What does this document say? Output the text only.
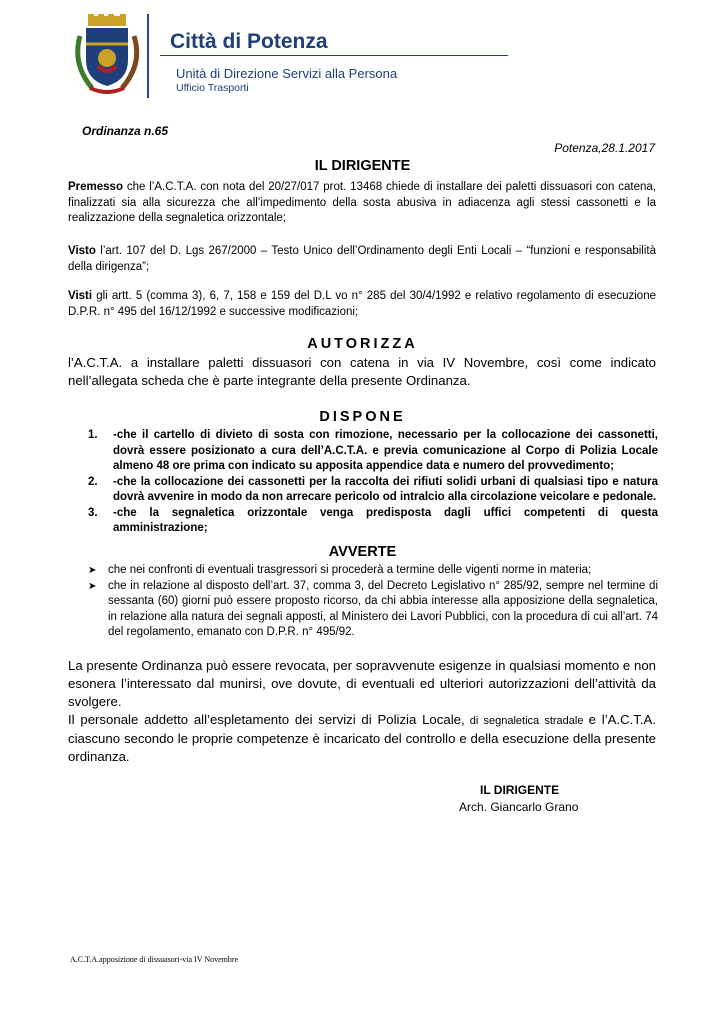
Città di Potenza
Unità di Direzione Servizi alla Persona
Ufficio Trasporti
Ordinanza n.65
Potenza,28.1.2017
IL DIRIGENTE
Premesso che l’A.C.T.A. con nota del 20/27/017 prot. 13468 chiede di installare dei paletti dissuasori con catena, finalizzati sia alla sicurezza che all’impedimento della sosta abusiva in adiacenza agli stessi cassonetti e la realizzazione della segnaletica orizzontale;
Visto l’art. 107 del D. Lgs 267/2000 – Testo Unico dell’Ordinamento degli Enti Locali – “funzioni e responsabilità della dirigenza”;
Visti gli artt. 5 (comma 3), 6, 7, 158 e 159 del D.L vo n° 285 del 30/4/1992 e relativo regolamento di esecuzione D.P.R. n° 495 del 16/12/1992 e successive modificazioni;
AUTORIZZA
l’A.C.T.A. a installare paletti dissuasori con catena in via IV Novembre, così come indicato nell’allegata scheda che è parte integrante della presente Ordinanza.
DISPONE
1. -che il cartello di divieto di sosta con rimozione, necessario per la collocazione dei cassonetti, dovrà essere posizionato a cura dell’A.C.T.A. e previa comunicazione al Corpo di Polizia Locale almeno 48 ore prima con indicato su apposita appendice data e numero del provvedimento;
2. -che la collocazione dei cassonetti per la raccolta dei rifiuti solidi urbani di qualsiasi tipo e natura dovrà avvenire in modo da non arrecare pericolo od intralcio alla circolazione veicolare e pedonale.
3. -che la segnaletica orizzontale venga predisposta dagli uffici competenti di questa amministrazione;
AVVERTE
➤ che nei confronti di eventuali trasgressori si procederà a termine delle vigenti norme in materia;
➤ che in relazione al disposto dell’art. 37, comma 3, del Decreto Legislativo n° 285/92, sempre nel termine di sessanta (60) giorni può essere proposto ricorso, da chi abbia interesse alla apposizione della segnaletica, in relazione alla natura dei segnali apposti, al Ministero dei Lavori Pubblici, con la procedura di cui all’art. 74 del regolamento, emanato con D.P.R. n° 495/92.
La presente Ordinanza può essere revocata, per sopravvenute esigenze in qualsiasi momento e non esonera l’interessato dal munirsi, ove dovute, di eventuali ed ulteriori autorizzazioni dell’attività da svolgere.
Il personale addetto all’espletamento dei servizi di Polizia Locale, di segnaletica stradale e l’A.C.T.A. ciascuno secondo le proprie competenze è incaricato del controllo e della esecuzione della presente ordinanza.
IL DIRIGENTE
Arch. Giancarlo Grano
A.C.T.A.apposizione di dissuasori-via IV Novembre
